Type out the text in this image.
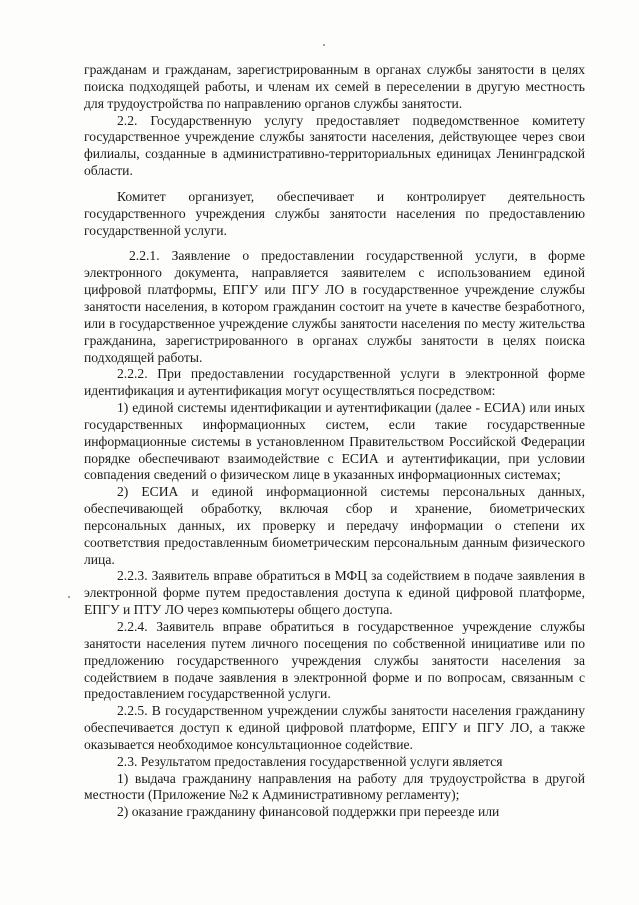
гражданам и гражданам, зарегистрированным в органах службы занятости в целях поиска подходящей работы, и членам их семей в переселении в другую местность для трудоустройства по направлению органов службы занятости.

2.2. Государственную услугу предоставляет подведомственное комитету государственное учреждение службы занятости населения, действующее через свои филиалы, созданные в административно-территориальных единицах Ленинградской области.

Комитет организует, обеспечивает и контролирует деятельность государственного учреждения службы занятости населения по предоставлению государственной услуги.

2.2.1. Заявление о предоставлении государственной услуги, в форме электронного документа, направляется заявителем с использованием единой цифровой платформы, ЕПГУ или ПГУ ЛО в государственное учреждение службы занятости населения, в котором гражданин состоит на учете в качестве безработного, или в государственное учреждение службы занятости населения по месту жительства гражданина, зарегистрированного в органах службы занятости в целях поиска подходящей работы.

2.2.2. При предоставлении государственной услуги в электронной форме идентификация и аутентификация могут осуществляться посредством:

1) единой системы идентификации и аутентификации (далее - ЕСИА) или иных государственных информационных систем, если такие государственные информационные системы в установленном Правительством Российской Федерации порядке обеспечивают взаимодействие с ЕСИА и аутентификации, при условии совпадения сведений о физическом лице в указанных информационных системах;

2) ЕСИА и единой информационной системы персональных данных, обеспечивающей обработку, включая сбор и хранение, биометрических персональных данных, их проверку и передачу информации о степени их соответствия предоставленным биометрическим персональным данным физического лица.

2.2.3. Заявитель вправе обратиться в МФЦ за содействием в подаче заявления в электронной форме путем предоставления доступа к единой цифровой платформе, ЕПГУ и ПТУ ЛО через компьютеры общего доступа.

2.2.4. Заявитель вправе обратиться в государственное учреждение службы занятости населения путем личного посещения по собственной инициативе или по предложению государственного учреждения службы занятости населения за содействием в подаче заявления в электронной форме и по вопросам, связанным с предоставлением государственной услуги.

2.2.5. В государственном учреждении службы занятости населения гражданину обеспечивается доступ к единой цифровой платформе, ЕПГУ и ПГУ ЛО, а также оказывается необходимое консультационное содействие.

2.3. Результатом предоставления государственной услуги является

1) выдача гражданину направления на работу для трудоустройства в другой местности (Приложение №2 к Административному регламенту);

2) оказание гражданину финансовой поддержки при переезде или
